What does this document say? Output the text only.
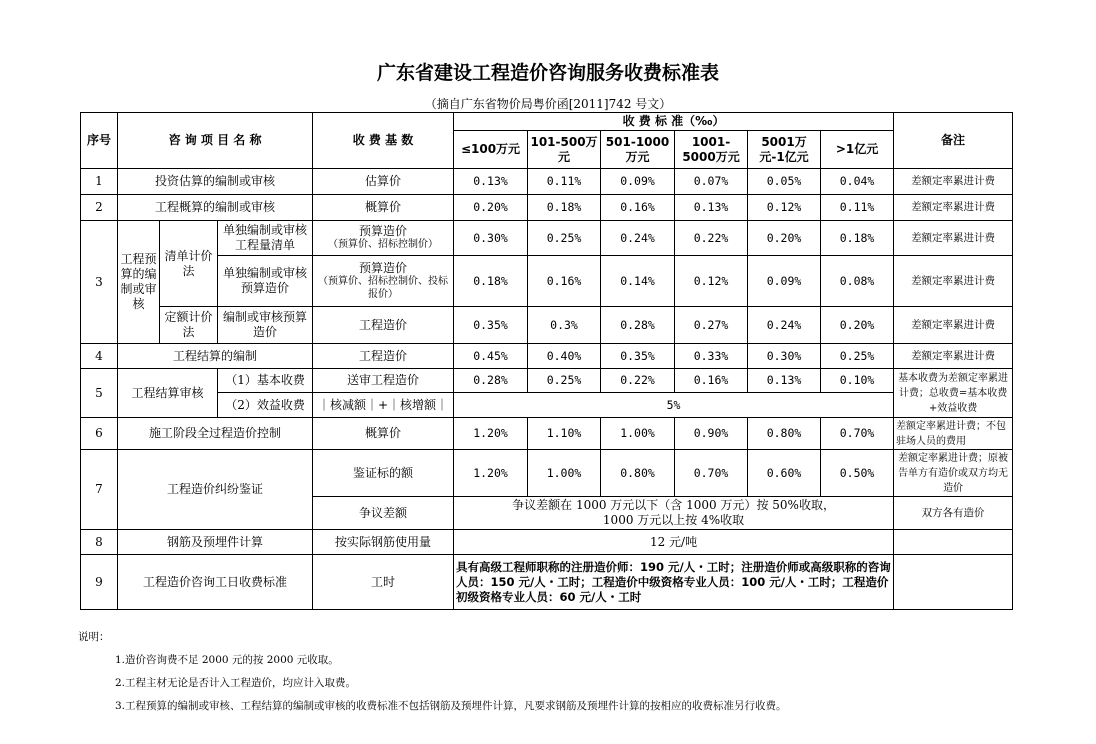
广东省建设工程造价咨询服务收费标准表
（摘自广东省物价局粤价函[2011]742 号文）
序号	咨 询 项 目 名 称			收 费 基 数	收 费 标 准（‰）						备注
					≤100万元	101-500万元	501-1000万元	1001-5000万元	5001万元-1亿元	>1亿元	
1	投资估算的编制或审核			估算价	0.13%	0.11%	0.09%	0.07%	0.05%	0.04%	差额定率累进计费
2	工程概算的编制或审核			概算价	0.20%	0.18%	0.16%	0.13%	0.12%	0.11%	差额定率累进计费
3	工程预算的编制或审核	清单计价法	单独编制或审核工程量清单	预算造价
（预算价、招标控制价）	0.30%	0.25%	0.24%	0.22%	0.20%	0.18%	差额定率累进计费
			单独编制或审核预算造价	预算造价
（预算价、招标控制价、投标报价）	0.18%	0.16%	0.14%	0.12%	0.09%	0.08%	差额定率累进计费
		定额计价法	编制或审核预算造价	工程造价	0.35%	0.3%	0.28%	0.27%	0.24%	0.20%	差额定率累进计费
4	工程结算的编制			工程造价	0.45%	0.40%	0.35%	0.33%	0.30%	0.25%	差额定率累进计费
5	工程结算审核		（1）基本收费	送审工程造价	0.28%	0.25%	0.22%	0.16%	0.13%	0.10%	基本收费为差额定率累进计费；总收费=基本收费+效益收费
			（2）效益收费	｜核减额｜+｜核增额｜	5%						
6	施工阶段全过程造价控制			概算价	1.20%	1.10%	1.00%	0.90%	0.80%	0.70%	差额定率累进计费；不包驻场人员的费用
7	工程造价纠纷鉴证			鉴证标的额	1.20%	1.00%	0.80%	0.70%	0.60%	0.50%	差额定率累进计费；原被告单方有造价或双方均无造价
				争议差额	争议差额在 1000 万元以下（含 1000 万元）按 50%收取，
1000 万元以上按 4%收取						双方各有造价
8	钢筋及预埋件计算			按实际钢筋使用量	12 元/吨						
9	工程造价咨询工日收费标准			工时	具有高级工程师职称的注册造价师：190 元/人・工时；注册造价师或高级职称的咨询人员：150 元/人・工时；工程造价中级资格专业人员：100 元/人・工时；工程造价初级资格专业人员：60 元/人・工时						
说明：
1.造价咨询费不足 2000 元的按 2000 元收取。
2.工程主材无论是否计入工程造价，均应计入取费。
3.工程预算的编制或审核、工程结算的编制或审核的收费标准不包括钢筋及预埋件计算，凡要求钢筋及预埋件计算的按相应的收费标准另行收费。
